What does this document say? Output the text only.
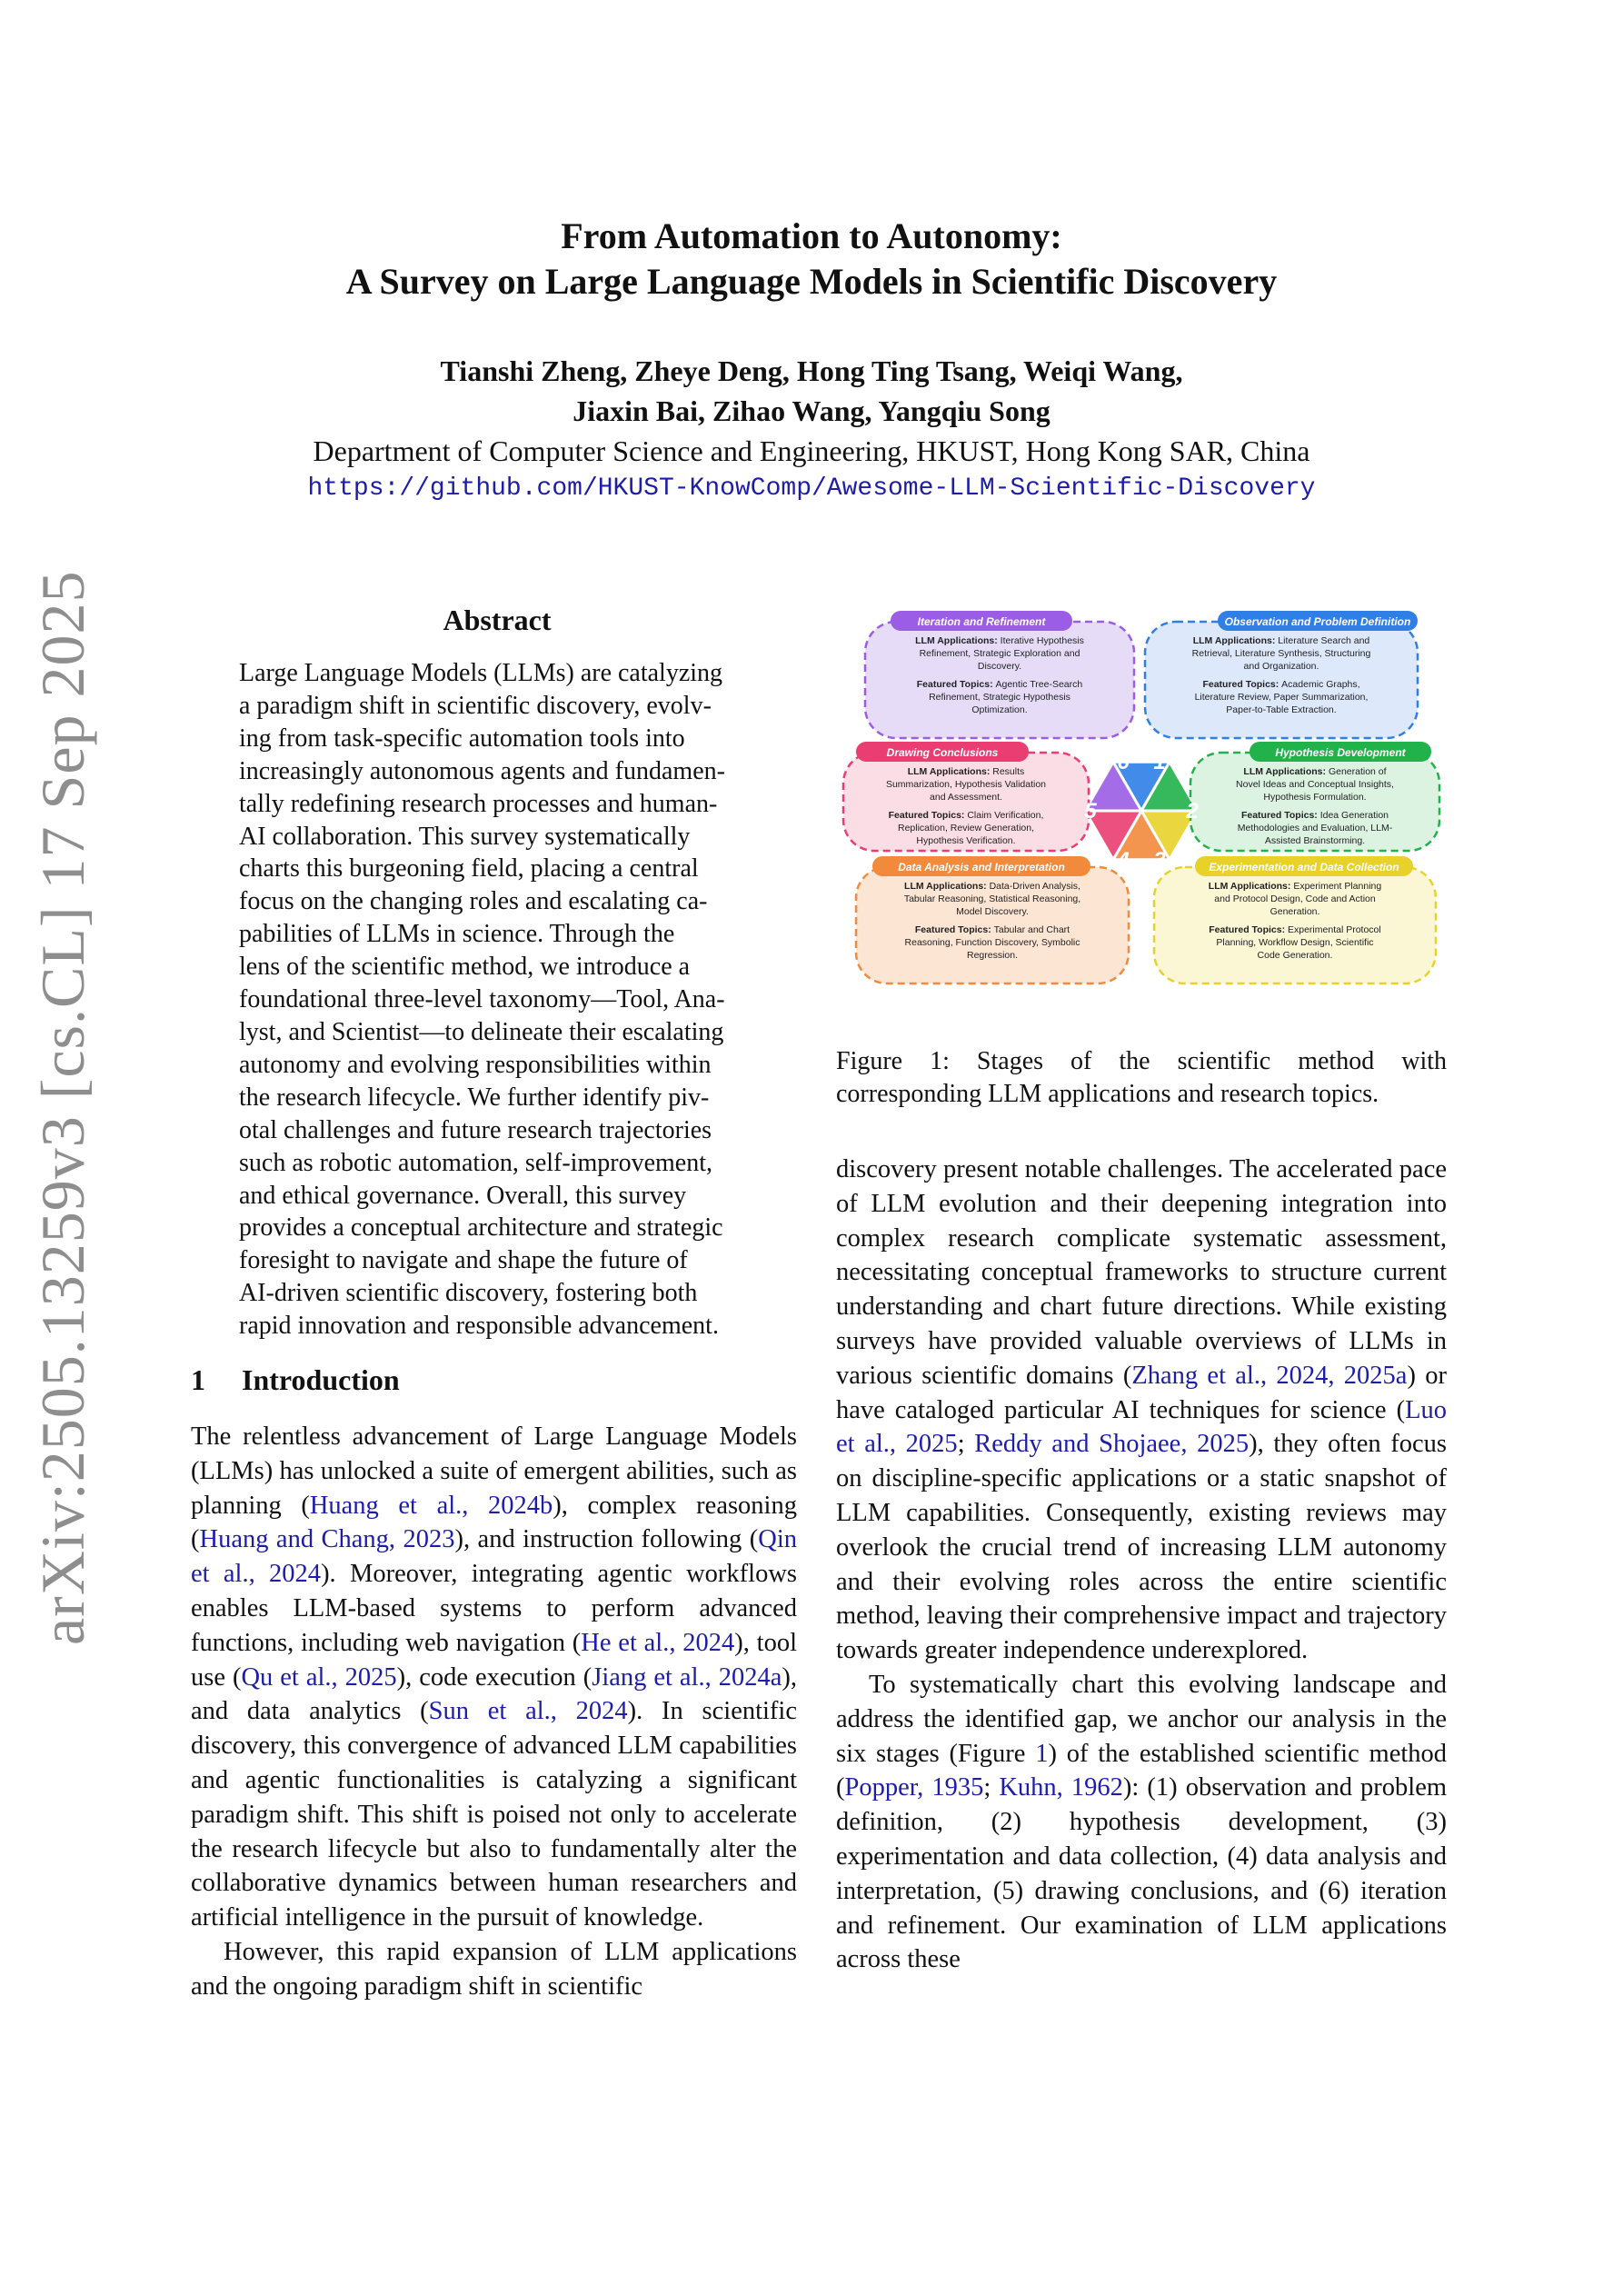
arXiv:2505.13259v3 [cs.CL] 17 Sep 2025
From Automation to Autonomy:
A Survey on Large Language Models in Scientific Discovery
Tianshi Zheng, Zheye Deng, Hong Ting Tsang, Weiqi Wang,
Jiaxin Bai, Zihao Wang, Yangqiu Song
Department of Computer Science and Engineering, HKUST, Hong Kong SAR, China
https://github.com/HKUST-KnowComp/Awesome-LLM-Scientific-Discovery
Abstract
Large Language Models (LLMs) are catalyzing
a paradigm shift in scientific discovery, evolv-
ing from task-specific automation tools into
increasingly autonomous agents and fundamen-
tally redefining research processes and human-
AI collaboration. This survey systematically
charts this burgeoning field, placing a central
focus on the changing roles and escalating ca-
pabilities of LLMs in science. Through the
lens of the scientific method, we introduce a
foundational three-level taxonomy—Tool, Ana-
lyst, and Scientist—to delineate their escalating
autonomy and evolving responsibilities within
the research lifecycle. We further identify piv-
otal challenges and future research trajectories
such as robotic automation, self-improvement,
and ethical governance. Overall, this survey
provides a conceptual architecture and strategic
foresight to navigate and shape the future of
AI-driven scientific discovery, fostering both
rapid innovation and responsible advancement.
1 Introduction

The relentless advancement of Large Language Models (LLMs) has unlocked a suite of emergent abilities, such as planning (Huang et al., 2024b), complex reasoning (Huang and Chang, 2023), and instruction following (Qin et al., 2024). Moreover, integrating agentic workflows enables LLM-based systems to perform advanced functions, including web navigation (He et al., 2024), tool use (Qu et al., 2025), code execution (Jiang et al., 2024a), and data analytics (Sun et al., 2024). In scientific discovery, this convergence of advanced LLM capabilities and agentic functionalities is catalyzing a significant paradigm shift. This shift is poised not only to accelerate the research lifecycle but also to fundamentally alter the collaborative dynamics between human researchers and artificial intelligence in the pursuit of knowledge.

However, this rapid expansion of LLM applications and the ongoing paradigm shift in scientific

Observation and Problem Definition
LLM Applications: Literature Search and
Retrieval, Literature Synthesis, Structuring
and Organization.
Featured Topics: Academic Graphs,
Literature Review, Paper Summarization,
Paper-to-Table Extraction.
1	Hypothesis Development
LLM Applications: Generation of
Novel Ideas and Conceptual Insights,
Hypothesis Formulation.
Featured Topics: Idea Generation
Methodologies and Evaluation, LLM-
Assisted Brainstorming.
2
Experimentation and Data Collection
LLM Applications: Experiment Planning
and Protocol Design, Code and Action
Generation.
Featured Topics: Experimental Protocol
Planning, Workflow Design, Scientific
Code Generation.
3
Data Analysis and Interpretation
LLM Applications: Data-Driven Analysis,
Tabular Reasoning, Statistical Reasoning,
Model Discovery.
Featured Topics: Tabular and Chart
Reasoning, Function Discovery, Symbolic
Regression.
4
Drawing Conclusions
LLM Applications: Results
Summarization, Hypothesis Validation
and Assessment.
Featured Topics: Claim Verification,
Replication, Review Generation,
Hypothesis Verification.
5
Iteration and Refinement
LLM Applications: Iterative Hypothesis
Refinement, Strategic Exploration and
Discovery.
Featured Topics: Agentic Tree-Search
Refinement, Strategic Hypothesis
Optimization.
6
Figure 1: Stages of the scientific method with corresponding LLM applications and research topics.

discovery present notable challenges. The accelerated pace of LLM evolution and their deepening integration into complex research complicate systematic assessment, necessitating conceptual frameworks to structure current understanding and chart future directions. While existing surveys have provided valuable overviews of LLMs in various scientific domains (Zhang et al., 2024, 2025a) or have cataloged particular AI techniques for science (Luo et al., 2025; Reddy and Shojaee, 2025), they often focus on discipline-specific applications or a static snapshot of LLM capabilities. Consequently, existing reviews may overlook the crucial trend of increasing LLM autonomy and their evolving roles across the entire scientific method, leaving their comprehensive impact and trajectory towards greater independence underexplored.

To systematically chart this evolving landscape and address the identified gap, we anchor our analysis in the six stages (Figure 1) of the established scientific method (Popper, 1935; Kuhn, 1962): (1) observation and problem definition, (2) hypothesis development, (3) experimentation and data collection, (4) data analysis and interpretation, (5) drawing conclusions, and (6) iteration and refinement. Our examination of LLM applications across these
